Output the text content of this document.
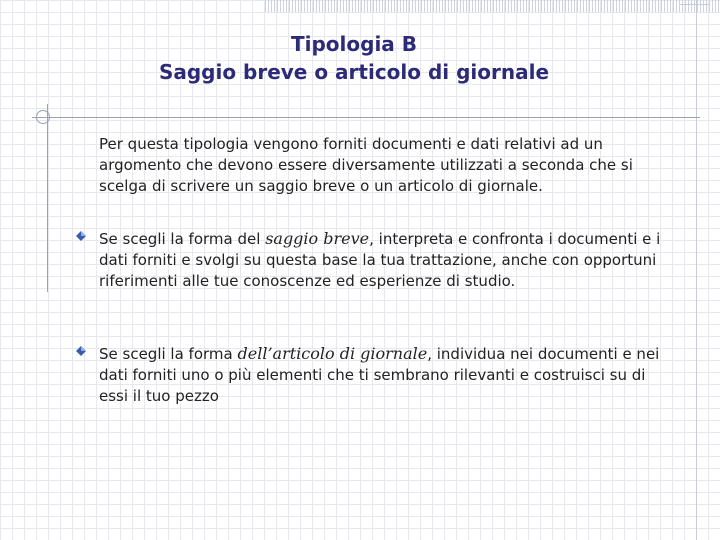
Tipologia B
Saggio breve o articolo di giornale
Per questa tipologia vengono forniti documenti e dati relativi ad un argomento che devono essere diversamente utilizzati a seconda che si scelga di scrivere un saggio breve o un articolo di giornale.
Se scegli la forma del saggio breve, interpreta e confronta i documenti e i dati forniti e svolgi su questa base la tua trattazione, anche con opportuni riferimenti alle tue conoscenze ed esperienze di studio.
Se scegli la forma dell’articolo di giornale, individua nei documenti e nei dati forniti uno o più elementi che ti sembrano rilevanti e costruisci su di essi il tuo pezzo
